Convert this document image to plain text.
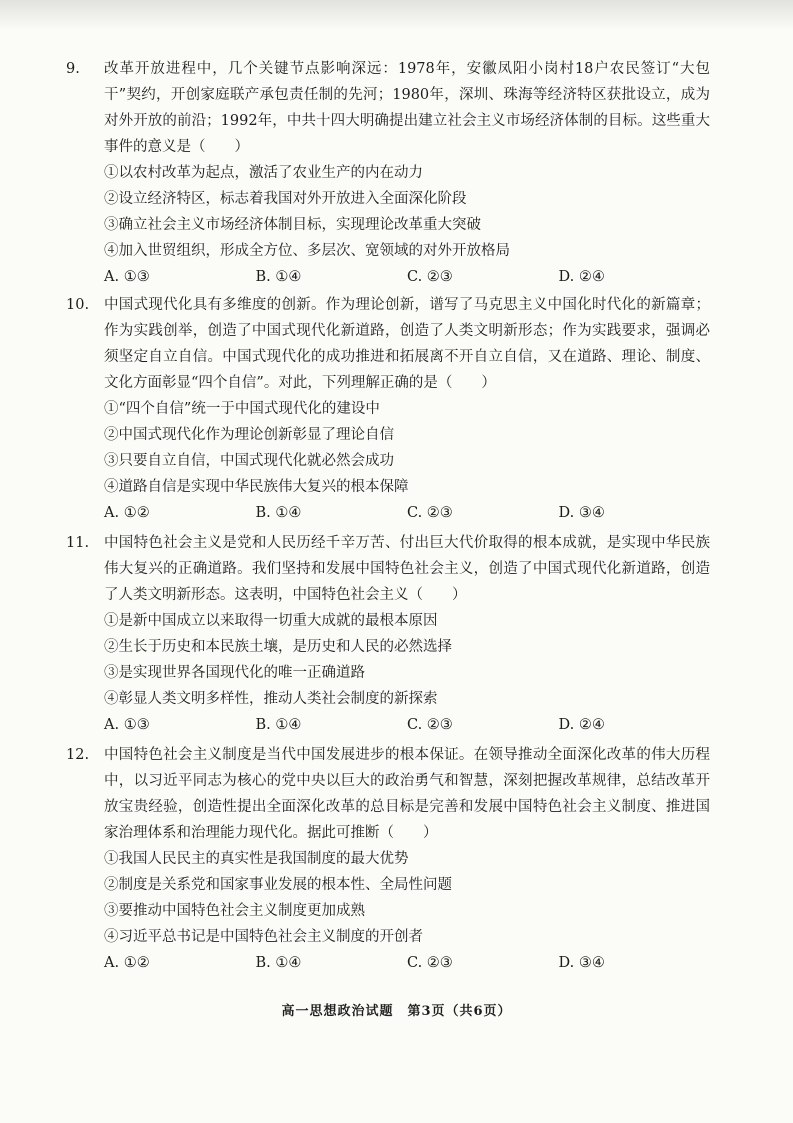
9. 改革开放进程中，几个关键节点影响深远：1978年，安徽凤阳小岗村18户农民签订“大包干”契约，开创家庭联产承包责任制的先河；1980年，深圳、珠海等经济特区获批设立，成为对外开放的前沿；1992年，中共十四大明确提出建立社会主义市场经济体制的目标。这些重大事件的意义是（　　）
①以农村改革为起点，激活了农业生产的内在动力
②设立经济特区，标志着我国对外开放进入全面深化阶段
③确立社会主义市场经济体制目标，实现理论改革重大突破
④加入世贸组织，形成全方位、多层次、宽领域的对外开放格局
A. ①③	B. ①④	C. ②③	D. ②④
10. 中国式现代化具有多维度的创新。作为理论创新，谱写了马克思主义中国化时代化的新篇章；作为实践创举，创造了中国式现代化新道路，创造了人类文明新形态；作为实践要求，强调必须坚定自立自信。中国式现代化的成功推进和拓展离不开自立自信，又在道路、理论、制度、文化方面彰显“四个自信”。对此，下列理解正确的是（　　）
①“四个自信”统一于中国式现代化的建设中
②中国式现代化作为理论创新彰显了理论自信
③只要自立自信，中国式现代化就必然会成功
④道路自信是实现中华民族伟大复兴的根本保障
A. ①②	B. ①④	C. ②③	D. ③④
11. 中国特色社会主义是党和人民历经千辛万苦、付出巨大代价取得的根本成就，是实现中华民族伟大复兴的正确道路。我们坚持和发展中国特色社会主义，创造了中国式现代化新道路，创造了人类文明新形态。这表明，中国特色社会主义（　　）
①是新中国成立以来取得一切重大成就的最根本原因
②生长于历史和本民族土壤，是历史和人民的必然选择
③是实现世界各国现代化的唯一正确道路
④彰显人类文明多样性，推动人类社会制度的新探索
A. ①③	B. ①④	C. ②③	D. ②④
12. 中国特色社会主义制度是当代中国发展进步的根本保证。在领导推动全面深化改革的伟大历程中，以习近平同志为核心的党中央以巨大的政治勇气和智慧，深刻把握改革规律，总结改革开放宝贵经验，创造性提出全面深化改革的总目标是完善和发展中国特色社会主义制度、推进国家治理体系和治理能力现代化。据此可推断（　　）
①我国人民民主的真实性是我国制度的最大优势
②制度是关系党和国家事业发展的根本性、全局性问题
③要推动中国特色社会主义制度更加成熟
④习近平总书记是中国特色社会主义制度的开创者
A. ①②	B. ①④	C. ②③	D. ③④
高一思想政治试题　第3页（共6页）
